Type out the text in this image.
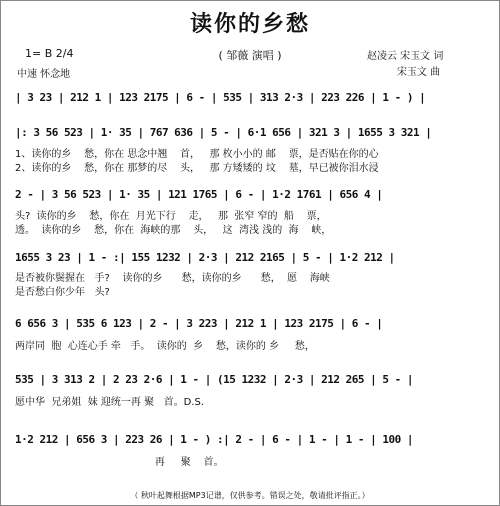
读你的乡愁
( 邹薇 演唱 )
1= B 2/4
中速 怀念地
赵凌云 宋玉文 词
宋玉文 曲
| 3 23 | 212 1 | 123 2175 | 6 - | 535 | 313 2·3 | 223 226 | 1 - ) |
|: 3 56 523 | 1· 35 | 767 636 | 5 - | 6·1 656 | 321 3 | 1655 3 321 |
1、读你的乡    愁，你在 思念中翘    首，   那 枚小小的 邮    票，是否贴在你的心
2、读你的乡    愁，你在 那梦的尽    头，   那 方矮矮的 坟    墓，早已被你泪水浸
2 - | 3 56 523 | 1· 35 | 121 1765 | 6 - | 1·2 1761 | 656 4 |
头?  读你的乡    愁，你在  月光下行    走，   那  张窄 窄的  船    票，
透。  读你的乡    愁，你在  海峡的那    头，   这  湾浅 浅的  海    峡，
1655 3 23 | 1 - :| 155 1232 | 2·3 | 212 2165 | 5 - | 1·2 212 |
是否被你鬓握在   手?    读你的乡      愁，读你的乡      愁，  愿    海峡
是否愁白你少年   头?
6 656 3 | 535 6 123 | 2 - | 3 223 | 212 1 | 123 2175 | 6 - |
两岸同  胞  心连心手 牵   手。  读你的  乡    愁，读你的 乡     愁，
535 | 3 313 2 | 2 23 2·6 | 1 - | (15 1232 | 2·3 | 212 265 | 5 - |
愿中华  兄弟姐  妹 迎统一再 聚   首。D.S.
1·2 212 | 656 3 | 223 26 | 1 - ) :| 2 - | 6 - | 1 - | 1 - | 100 |
再     聚    首。
（ 秋叶起舞根据MP3记谱，仅供参考。错误之处，敬请批评指正。）
